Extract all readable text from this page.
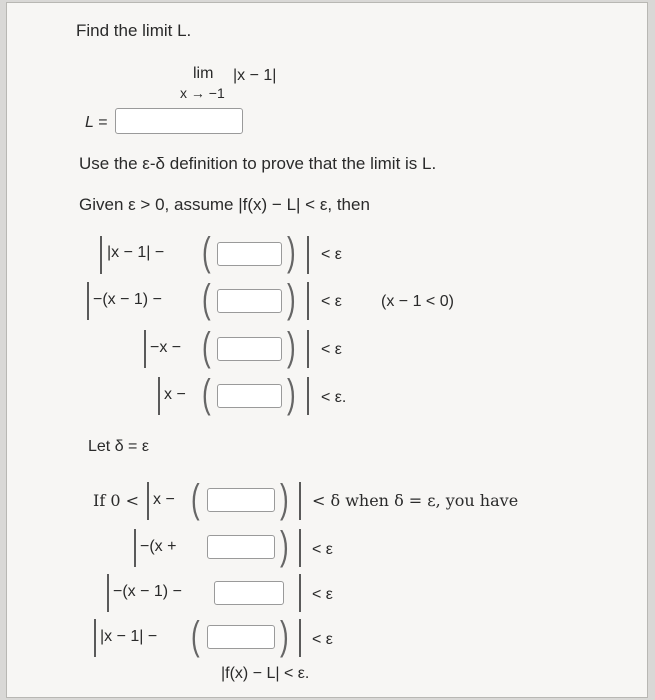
Find the limit L.
lim
x → −1
|x − 1|
L =
Use the ε-δ definition to prove that the limit is L.
Given ε > 0, assume |f(x) − L| < ε, then
|x − 1| − ( ) < ε
−(x − 1) − ( ) < ε (x − 1 < 0)
−x − ( ) < ε
x − ( ) < ε.
Let δ = ε
If 0 < x − ( ) < δ when δ = ε, you have
−(x +	) < ε
−(x − 1) −	< ε
|x − 1| − ( ) < ε
|f(x) − L| < ε.
